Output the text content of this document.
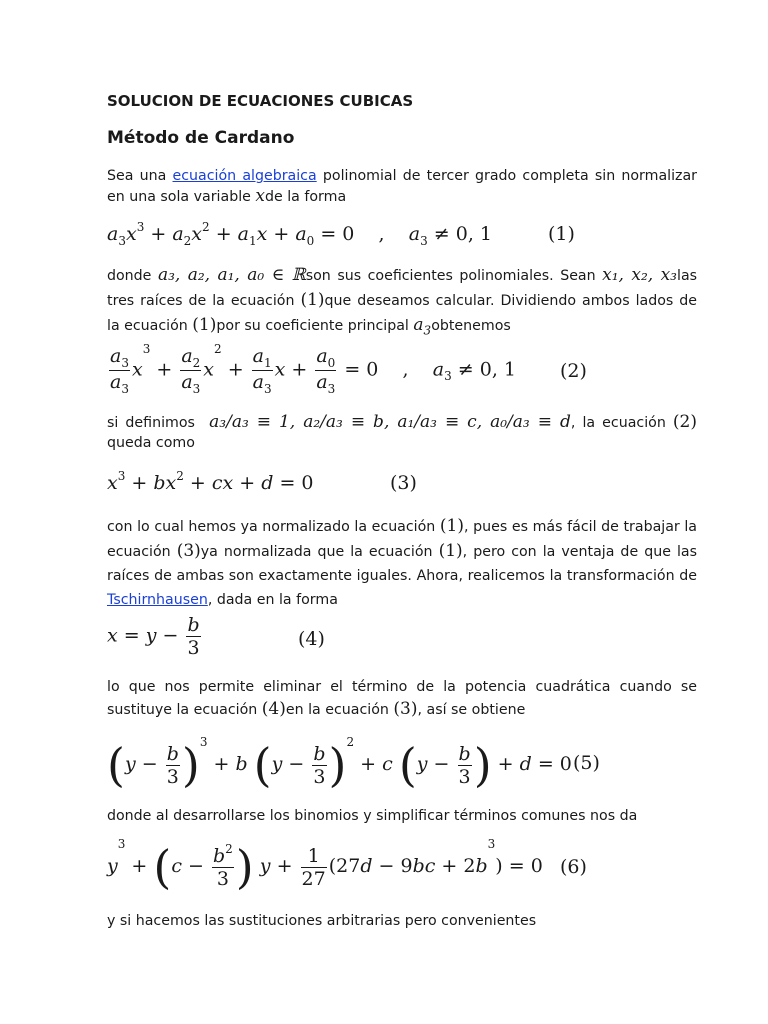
SOLUCION DE ECUACIONES CUBICAS
Método de Cardano
Sea una ecuación algebraica polinomial de tercer grado completa sin normalizar en una sola variable xde la forma
$a_3x^3 + a_2x^2 + a_1x + a_0 = 0$    ,    $a_3 \ne 0$, 1	(1)
donde a₃, a₂, a₁, a₀ ∈ ℝson sus coeficientes polinomiales. Sean x₁, x₂, x₃las tres raíces de la ecuación (1)que deseamos calcular. Dividiendo ambos lados de la ecuación (1)por su coeficiente principal $a_3obtenemos$
$\frac{a_3}{a_3} x^3 + \frac{a_2}{a_3} x^2 + \frac{a_1}{a_3}$ $x + \frac{a_0}{a_3} = 0$    ,    $a_3 \ne 0$, 1 (2)
si definimos a₃/a₃ ≡ 1, a₂/a₃ ≡ b, a₁/a₃ ≡ c, a₀/a₃ ≡ d, la ecuación (2) queda como
$x^3 + bx^2$ + cx + d = 0	(3)
con lo cual hemos ya normalizado la ecuación (1), pues es más fácil de trabajar la ecuación (3)ya normalizada que la ecuación (1), pero con la ventaja de que las raíces de ambas son exactamente iguales. Ahora, realicemos la transformación de Tschirnhausen, dada en la forma
$x = y - \frac{b}{3}$	(4)
lo que nos permite eliminar el término de la potencia cuadrática cuando se sustituye la ecuación (4)en la ecuación (3), así se obtiene
$(y - \frac{b}{3} )^3 + b$ $(y - \frac{b}{3} )^2 + c$ ($y - \frac{b}{3}$ ) + d = 0 (5)
donde al desarrollarse los binomios y simplificar términos comunes nos da
$y^3 + (c - \frac{b^2}{3}$ ) $y + \frac{1}{27} (27d - 9bc + 2b^3) = 0$ (6)
y si hacemos las sustituciones arbitrarias pero convenientes
